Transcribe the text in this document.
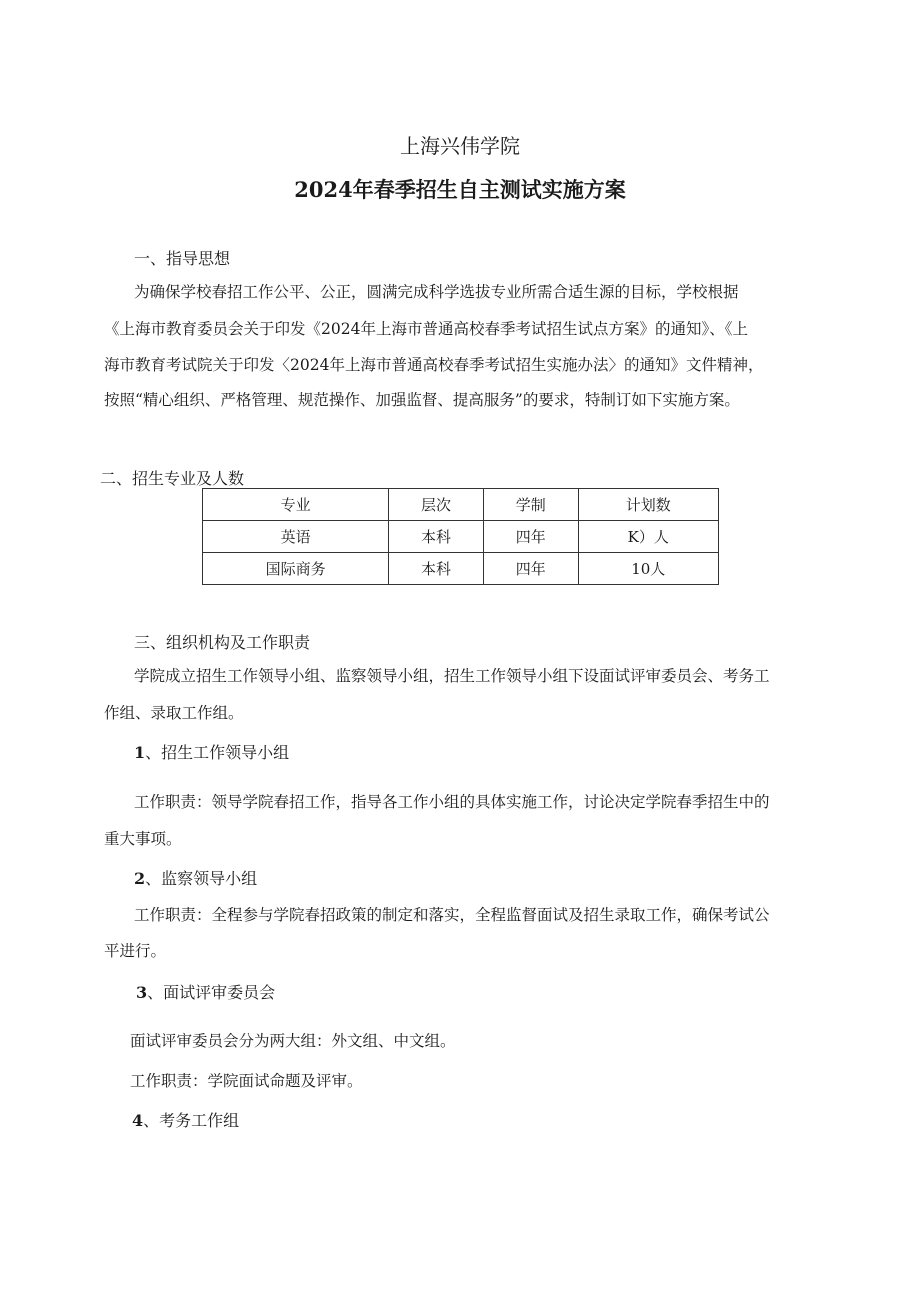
上海兴伟学院
2024年春季招生自主测试实施方案
一、指导思想
为确保学校春招工作公平、公正，圆满完成科学选拔专业所需合适生源的目标，学校根据
《上海市教育委员会关于印发《2024年上海市普通高校春季考试招生试点方案》的通知》、《上
海市教育考试院关于印发〈2024年上海市普通高校春季考试招生实施办法〉的通知》文件精神，
按照“精心组织、严格管理、规范操作、加强监督、提高服务”的要求，特制订如下实施方案。
二、招生专业及人数
专业	层次	学制	计划数
英语	本科	四年	K）人
国际商务	本科	四年	10人
三、组织机构及工作职责
学院成立招生工作领导小组、监察领导小组，招生工作领导小组下设面试评审委员会、考务工
作组、录取工作组。
1、招生工作领导小组
工作职责：领导学院春招工作，指导各工作小组的具体实施工作，讨论决定学院春季招生中的
重大事项。
2、监察领导小组
工作职责：全程参与学院春招政策的制定和落实，全程监督面试及招生录取工作，确保考试公
平进行。
3、面试评审委员会
面试评审委员会分为两大组：外文组、中文组。
工作职责：学院面试命题及评审。
4、考务工作组
